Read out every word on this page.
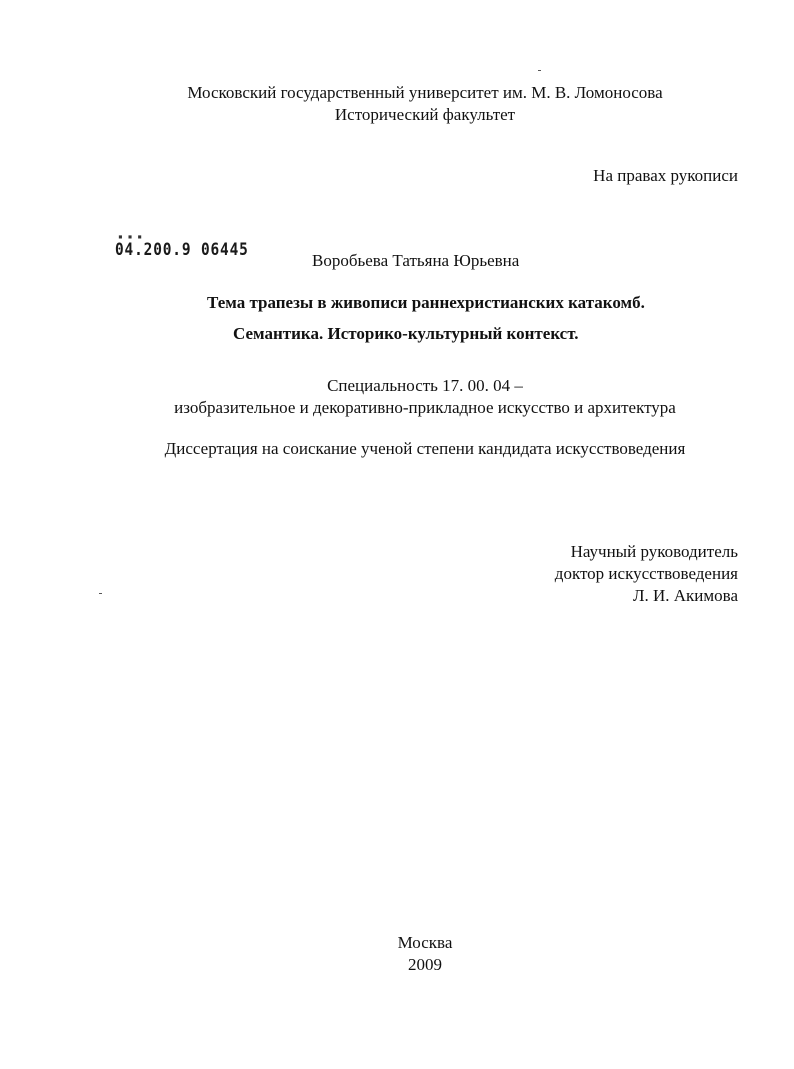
Московский государственный университет им. М. В. Ломоносова
Исторический факультет
На правах рукописи
▪ ▪ ▪
04.200.9 06445
Воробьева Татьяна Юрьевна
Тема трапезы в живописи раннехристианских катакомб.
Семантика. Историко-культурный контекст.
Специальность 17. 00. 04 –
изобразительное и декоративно-прикладное искусство и архитектура
Диссертация на соискание ученой степени кандидата искусствоведения
Научный руководитель
доктор искусствоведения
Л. И. Акимова
Москва
2009
